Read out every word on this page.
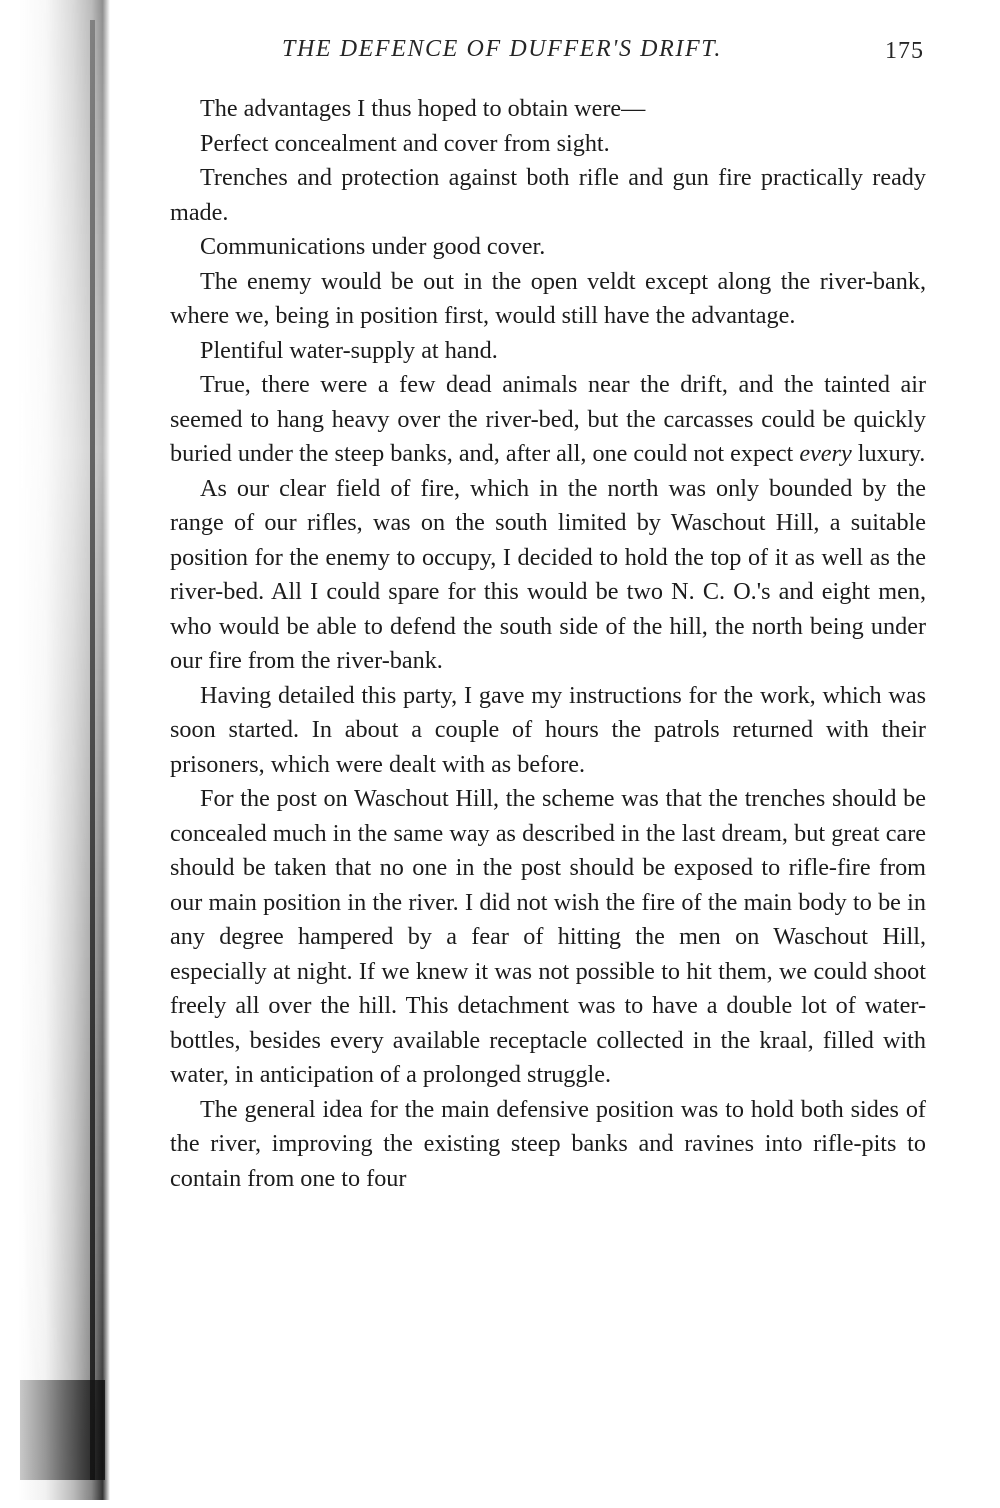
THE DEFENCE OF DUFFER'S DRIFT.	175

The advantages I thus hoped to obtain were—

Perfect concealment and cover from sight.

Trenches and protection against both rifle and gun fire practically ready made.

Communications under good cover.

The enemy would be out in the open veldt except along the river-bank, where we, being in position first, would still have the advantage.

Plentiful water-supply at hand.

True, there were a few dead animals near the drift, and the tainted air seemed to hang heavy over the river-bed, but the carcasses could be quickly buried under the steep banks, and, after all, one could not expect every luxury.

As our clear field of fire, which in the north was only bounded by the range of our rifles, was on the south limited by Waschout Hill, a suitable position for the enemy to occupy, I decided to hold the top of it as well as the river-bed. All I could spare for this would be two N. C. O.'s and eight men, who would be able to defend the south side of the hill, the north being under our fire from the river-bank.

Having detailed this party, I gave my instructions for the work, which was soon started. In about a couple of hours the patrols returned with their prisoners, which were dealt with as before.

For the post on Waschout Hill, the scheme was that the trenches should be concealed much in the same way as described in the last dream, but great care should be taken that no one in the post should be exposed to rifle-fire from our main position in the river. I did not wish the fire of the main body to be in any degree hampered by a fear of hitting the men on Waschout Hill, especially at night. If we knew it was not possible to hit them, we could shoot freely all over the hill. This detachment was to have a double lot of water-bottles, besides every available receptacle collected in the kraal, filled with water, in anticipation of a prolonged struggle.

The general idea for the main defensive position was to hold both sides of the river, improving the existing steep banks and ravines into rifle-pits to contain from one to four
